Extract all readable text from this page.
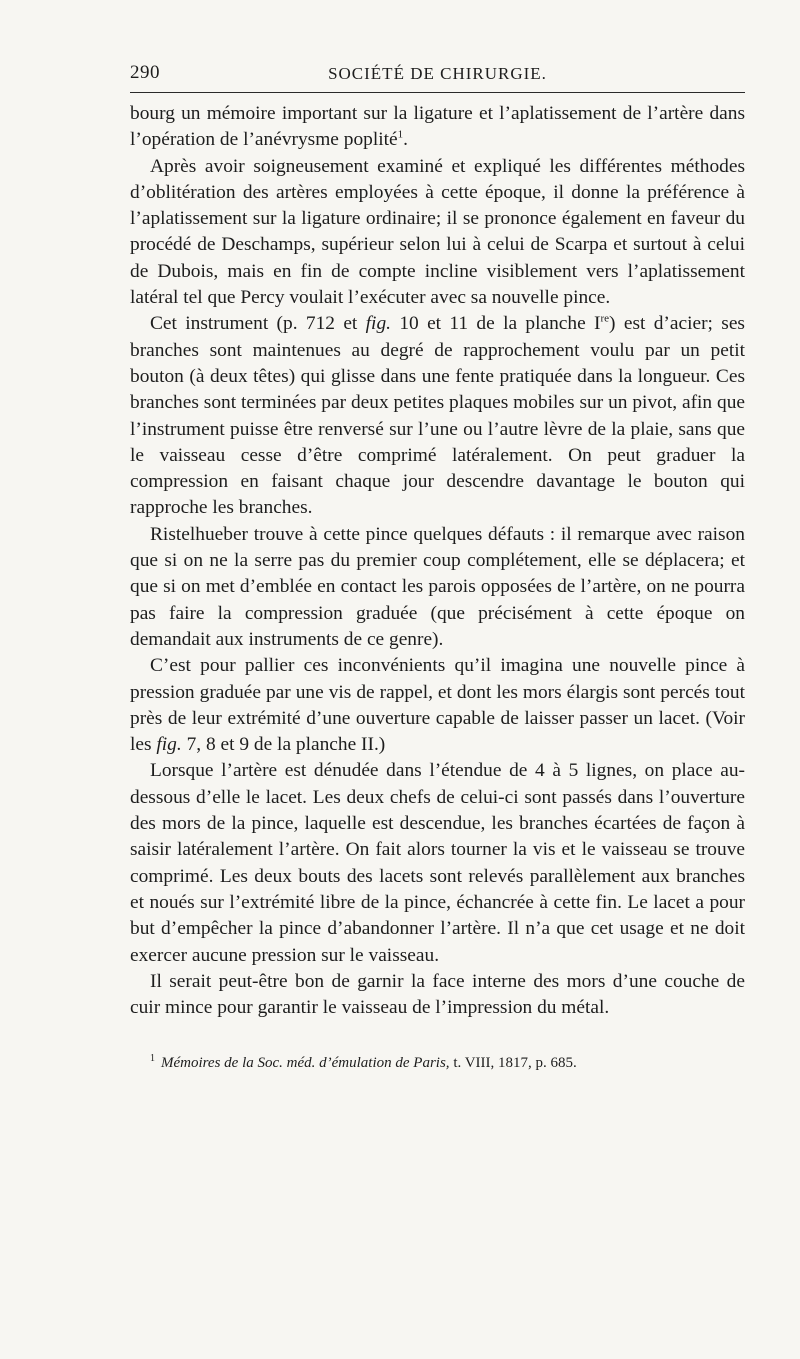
290	SOCIÉTÉ DE CHIRURGIE.

bourg un mémoire important sur la ligature et l’aplatissement de l’artère dans l’opération de l’anévrysme poplité$^1$.

Après avoir soigneusement examiné et expliqué les différentes méthodes d’oblitération des artères employées à cette époque, il donne la préférence à l’aplatissement sur la ligature ordinaire; il se prononce également en faveur du procédé de Deschamps, supérieur selon lui à celui de Scarpa et surtout à celui de Dubois, mais en fin de compte incline visiblement vers l’aplatissement latéral tel que Percy voulait l’exécuter avec sa nouvelle pince.

Cet instrument (p. 712 et fig. 10 et 11 de la planche Ire) est d’acier; ses branches sont maintenues au degré de rapprochement voulu par un petit bouton (à deux têtes) qui glisse dans une fente pratiquée dans la longueur. Ces branches sont terminées par deux petites plaques mobiles sur un pivot, afin que l’instrument puisse être renversé sur l’une ou l’autre lèvre de la plaie, sans que le vaisseau cesse d’être comprimé latéralement. On peut graduer la compression en faisant chaque jour descendre davantage le bouton qui rapproche les branches.

Ristelhueber trouve à cette pince quelques défauts : il remarque avec raison que si on ne la serre pas du premier coup complétement, elle se déplacera; et que si on met d’emblée en contact les parois opposées de l’artère, on ne pourra pas faire la compression graduée (que précisément à cette époque on demandait aux instruments de ce genre).

C’est pour pallier ces inconvénients qu’il imagina une nouvelle pince à pression graduée par une vis de rappel, et dont les mors élargis sont percés tout près de leur extrémité d’une ouverture capable de laisser passer un lacet. (Voir les fig. 7, 8 et 9 de la planche II.)

Lorsque l’artère est dénudée dans l’étendue de 4 à 5 lignes, on place au-dessous d’elle le lacet. Les deux chefs de celui-ci sont passés dans l’ouverture des mors de la pince, laquelle est descendue, les branches écartées de façon à saisir latéralement l’artère. On fait alors tourner la vis et le vaisseau se trouve comprimé. Les deux bouts des lacets sont relevés parallèlement aux branches et noués sur l’extrémité libre de la pince, échancrée à cette fin. Le lacet a pour but d’empêcher la pince d’abandonner l’artère. Il n’a que cet usage et ne doit exercer aucune pression sur le vaisseau.

Il serait peut-être bon de garnir la face interne des mors d’une couche de cuir mince pour garantir le vaisseau de l’impression du métal.

$^1$ Mémoires de la Soc. méd. d’émulation de Paris, t. VIII, 1817, p. 685.
